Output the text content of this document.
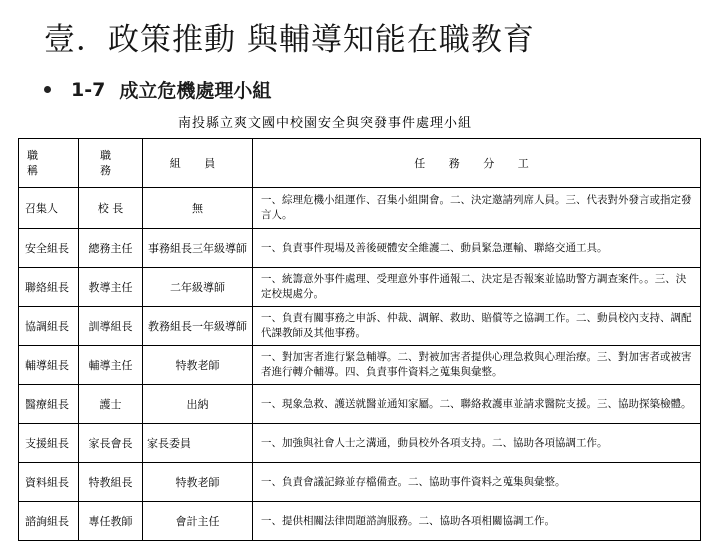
壹．政策推動 與輔導知能在職教育
1-7 成立危機處理小組
南投縣立爽文國中校園安全與突發事件處理小組
職 稱	職 務	組 員	任 務 分 工
召集人	校 長	無	一、綜理危機小組運作、召集小組開會。二、決定邀請列席人員。三、代表對外發言或指定發言人。
安全組長	總務主任	事務組長三年級導師	一、負責事件現場及善後硬體安全維護二、動員緊急運輸、聯絡交通工具。
聯絡組長	教導主任	二年級導師	一、統籌意外事件處理、受理意外事件通報二、決定是否報案並協助警方調查案件。。三、決定校規處分。
協調組長	訓導組長	教務組長一年級導師	一、負責有關事務之申訴、仲裁、調解、救助、賠償等之協調工作。二、動員校內支持、調配代課教師及其他事務。
輔導組長	輔導主任	特教老師	一、對加害者進行緊急輔導。二、對被加害者提供心理急救與心理治療。三、對加害者或被害者進行轉介輔導。四、負責事件資料之蒐集與彙整。
醫療組長	護士	出納	一、現象急救、護送就醫並通知家屬。二、聯絡救護車並請求醫院支援。三、協助探築檢體。
支援組長	家長會長	家長委員	一、加強與社會人士之溝通，動員校外各項支持。二、協助各項協調工作。
資料組長	特教組長	特教老師	一、負責會議記錄並存檔備查。二、協助事件資料之蒐集與彙整。
諮詢組長	專任教師	會計主任	一、提供相關法律問題諮詢服務。二、協助各項相關協調工作。
